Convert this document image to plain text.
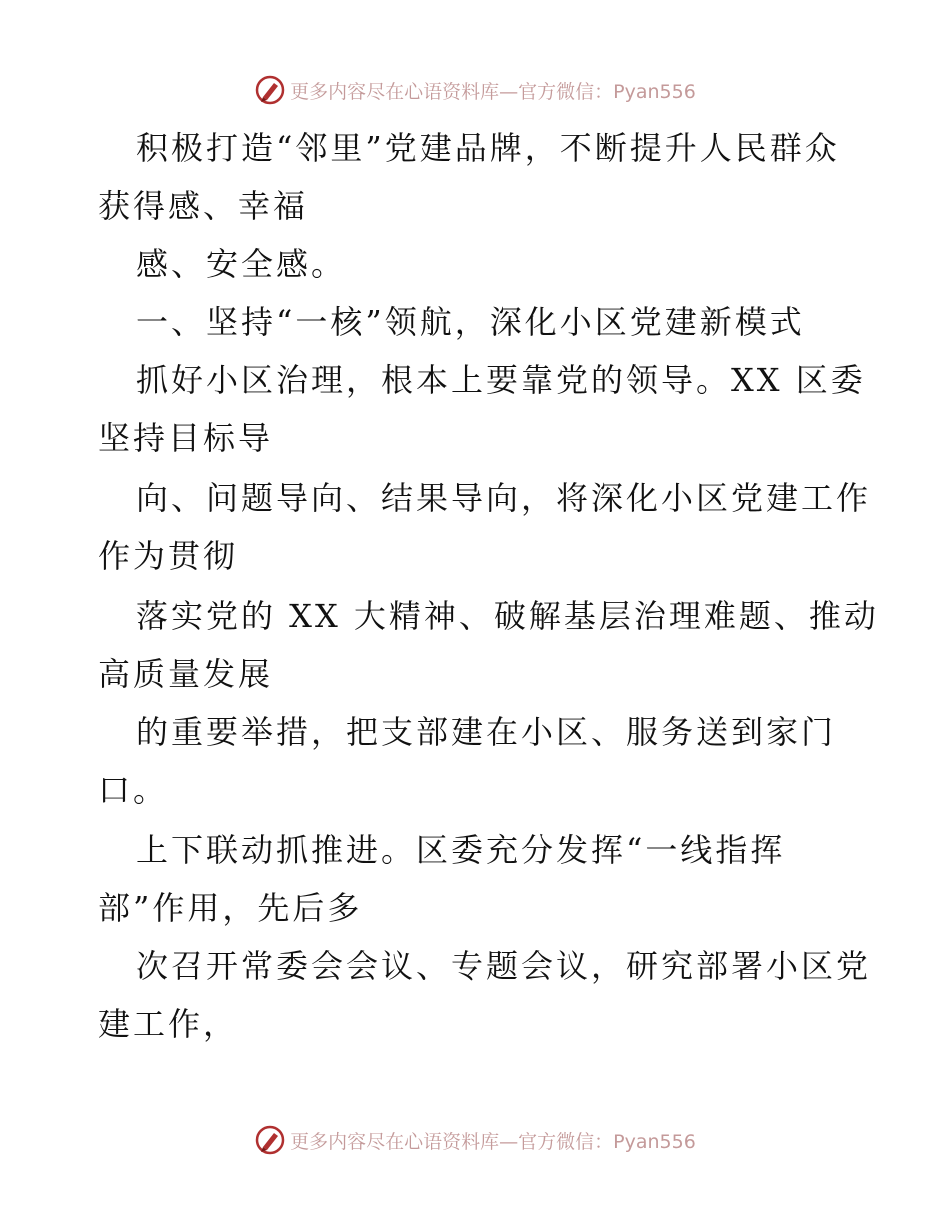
更多内容尽在心语资料库—官方微信：Pyan556
积极打造“邻里”党建品牌，不断提升人民群众
获得感、幸福
感、安全感。
一、坚持“一核”领航，深化小区党建新模式
抓好小区治理，根本上要靠党的领导。XX 区委
坚持目标导
向、问题导向、结果导向，将深化小区党建工作
作为贯彻
落实党的 XX 大精神、破解基层治理难题、推动
高质量发展
的重要举措，把支部建在小区、服务送到家门
口。
上下联动抓推进。区委充分发挥“一线指挥
部”作用，先后多
次召开常委会会议、专题会议，研究部署小区党
建工作，
更多内容尽在心语资料库—官方微信：Pyan556
